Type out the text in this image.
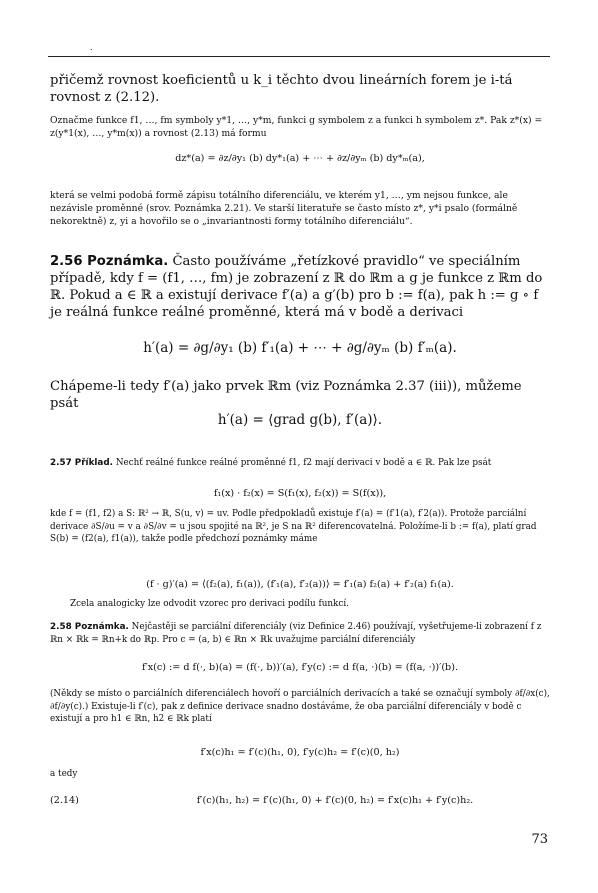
.

přičemž rovnost koeficientů u k_i těchto dvou lineárních forem je i-tá rovnost z (2.12).

Označme funkce f1, …, fm symboly y*1, …, y*m, funkci g symbolem z a funkci h symbolem z*. Pak z*(x) = z(y*1(x), …, y*m(x)) a rovnost (2.13) má formu

dz*(a) = ∂z/∂y₁ (b) dy*₁(a) + ⋯ + ∂z/∂yₘ (b) dy*ₘ(a),

která se velmi podobá formě zápisu totálního diferenciálu, ve kterém y1, …, ym nejsou funkce, ale nezávisle proměnné (srov. Poznámka 2.21). Ve starší literatuře se často místo z*, y*i psalo (formálně nekorektně) z, yi a hovořilo se o „invariantnosti formy totálního diferenciálu“.

2.56 Poznámka. Často používáme „řetízkové pravidlo“ ve speciálním případě, kdy f = (f1, …, fm) je zobrazení z ℝ do ℝm a g je funkce z ℝm do ℝ. Pokud a ∈ ℝ a existují derivace f′(a) a g′(b) pro b := f(a), pak h := g ∘ f je reálná funkce reálné proměnné, která má v bodě a derivaci

h′(a) = ∂g/∂y₁ (b) f′₁(a) + ⋯ + ∂g/∂yₘ (b) f′ₘ(a).

Chápeme-li tedy f′(a) jako prvek ℝm (viz Poznámka 2.37 (iii)), můžeme psát

h′(a) = ⟨grad g(b), f′(a)⟩.

2.57 Příklad. Nechť reálné funkce reálné proměnné f1, f2 mají derivaci v bodě a ∈ ℝ. Pak lze psát

f₁(x) · f₂(x) = S(f₁(x), f₂(x)) = S(f(x)),

kde f = (f1, f2) a S: ℝ² → ℝ, S(u, v) = uv. Podle předpokladů existuje f′(a) = (f′1(a), f′2(a)). Protože parciální derivace ∂S/∂u = v a ∂S/∂v = u jsou spojité na ℝ², je S na ℝ² diferencovatelná. Položíme-li b := f(a), platí grad S(b) = (f2(a), f1(a)), takže podle předchozí poznámky máme

(f · g)′(a) = ⟨(f₂(a), f₁(a)), (f′₁(a), f′₂(a))⟩ = f′₁(a) f₂(a) + f′₂(a) f₁(a).

Zcela analogicky lze odvodit vzorec pro derivaci podílu funkcí.

2.58 Poznámka. Nejčastěji se parciální diferenciály (viz Definice 2.46) používají, vyšetřujeme-li zobrazení f z ℝn × ℝk = ℝn+k do ℝp. Pro c = (a, b) ∈ ℝn × ℝk uvažujme parciální diferenciály

f′x(c) := d f(·, b)(a) = (f(·, b))′(a), f′y(c) := d f(a, ·)(b) = (f(a, ·))′(b).

(Někdy se místo o parciálních diferenciálech hovoří o parciálních derivacích a také se označují symboly ∂f/∂x(c), ∂f/∂y(c).) Existuje-li f′(c), pak z definice derivace snadno dostáváme, že oba parciální diferenciály v bodě c existují a pro h1 ∈ ℝn, h2 ∈ ℝk platí

f′x(c)h₁ = f′(c)(h₁, 0), f′y(c)h₂ = f′(c)(0, h₂)

a tedy

(2.14)	f′(c)(h₁, h₂) = f′(c)(h₁, 0) + f′(c)(0, h₂) = f′x(c)h₁ + f′y(c)h₂.
73
